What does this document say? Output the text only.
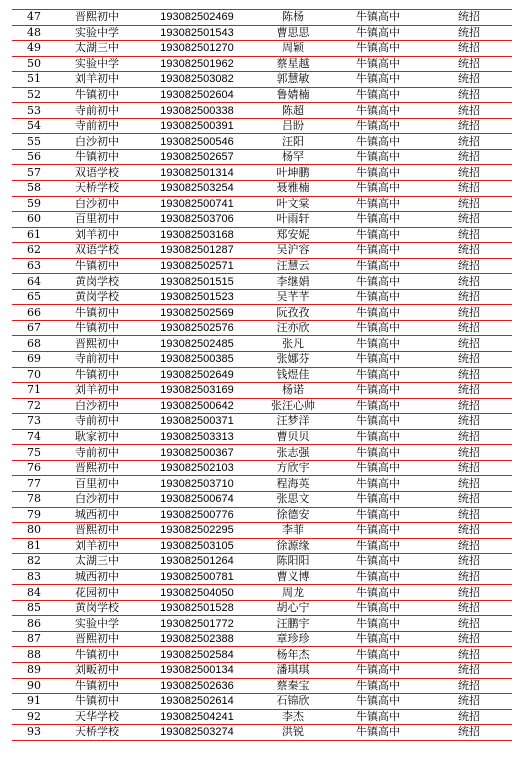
47	晋熙初中	193082502469	陈杨	牛镇高中	统招
48	实验中学	193082501543	曹思思	牛镇高中	统招
49	太湖三中	193082501270	周颖	牛镇高中	统招
50	实验中学	193082501962	蔡星越	牛镇高中	统招
51	刘羊初中	193082503082	郭慧敏	牛镇高中	统招
52	牛镇初中	193082502604	鲁婧楠	牛镇高中	统招
53	寺前初中	193082500338	陈超	牛镇高中	统招
54	寺前初中	193082500391	吕盼	牛镇高中	统招
55	白沙初中	193082500546	汪阳	牛镇高中	统招
56	牛镇初中	193082502657	杨罕	牛镇高中	统招
57	双语学校	193082501314	叶坤鹏	牛镇高中	统招
58	天桥学校	193082503254	聂雅楠	牛镇高中	统招
59	白沙初中	193082500741	叶文棠	牛镇高中	统招
60	百里初中	193082503706	叶雨轩	牛镇高中	统招
61	刘羊初中	193082503168	郑安妮	牛镇高中	统招
62	双语学校	193082501287	吴沪容	牛镇高中	统招
63	牛镇初中	193082502571	汪慧云	牛镇高中	统招
64	黄岗学校	193082501515	李继娟	牛镇高中	统招
65	黄岗学校	193082501523	吴芊芊	牛镇高中	统招
66	牛镇初中	193082502569	阮孜孜	牛镇高中	统招
67	牛镇初中	193082502576	汪亦欣	牛镇高中	统招
68	晋熙初中	193082502485	张凡	牛镇高中	统招
69	寺前初中	193082500385	张娜芬	牛镇高中	统招
70	牛镇初中	193082502649	钱煜佳	牛镇高中	统招
71	刘羊初中	193082503169	杨诺	牛镇高中	统招
72	白沙初中	193082500642	张汪心帅	牛镇高中	统招
73	寺前初中	193082500371	汪梦洋	牛镇高中	统招
74	耿家初中	193082503313	曹贝贝	牛镇高中	统招
75	寺前初中	193082500367	张志强	牛镇高中	统招
76	晋熙初中	193082502103	方欣宇	牛镇高中	统招
77	百里初中	193082503710	程海英	牛镇高中	统招
78	白沙初中	193082500674	张思文	牛镇高中	统招
79	城西初中	193082500776	徐德安	牛镇高中	统招
80	晋熙初中	193082502295	李菲	牛镇高中	统招
81	刘羊初中	193082503105	徐源缘	牛镇高中	统招
82	太湖三中	193082501264	陈阳阳	牛镇高中	统招
83	城西初中	193082500781	曹义博	牛镇高中	统招
84	花园初中	193082504050	周龙	牛镇高中	统招
85	黄岗学校	193082501528	胡心宁	牛镇高中	统招
86	实验中学	193082501772	汪鹏宇	牛镇高中	统招
87	晋熙初中	193082502388	章珍珍	牛镇高中	统招
88	牛镇初中	193082502584	杨年杰	牛镇高中	统招
89	刘畈初中	193082500134	潘琪琪	牛镇高中	统招
90	牛镇初中	193082502636	蔡秦宝	牛镇高中	统招
91	牛镇初中	193082502614	石锦欣	牛镇高中	统招
92	天华学校	193082504241	李杰	牛镇高中	统招
93	天桥学校	193082503274	洪锐	牛镇高中	统招
